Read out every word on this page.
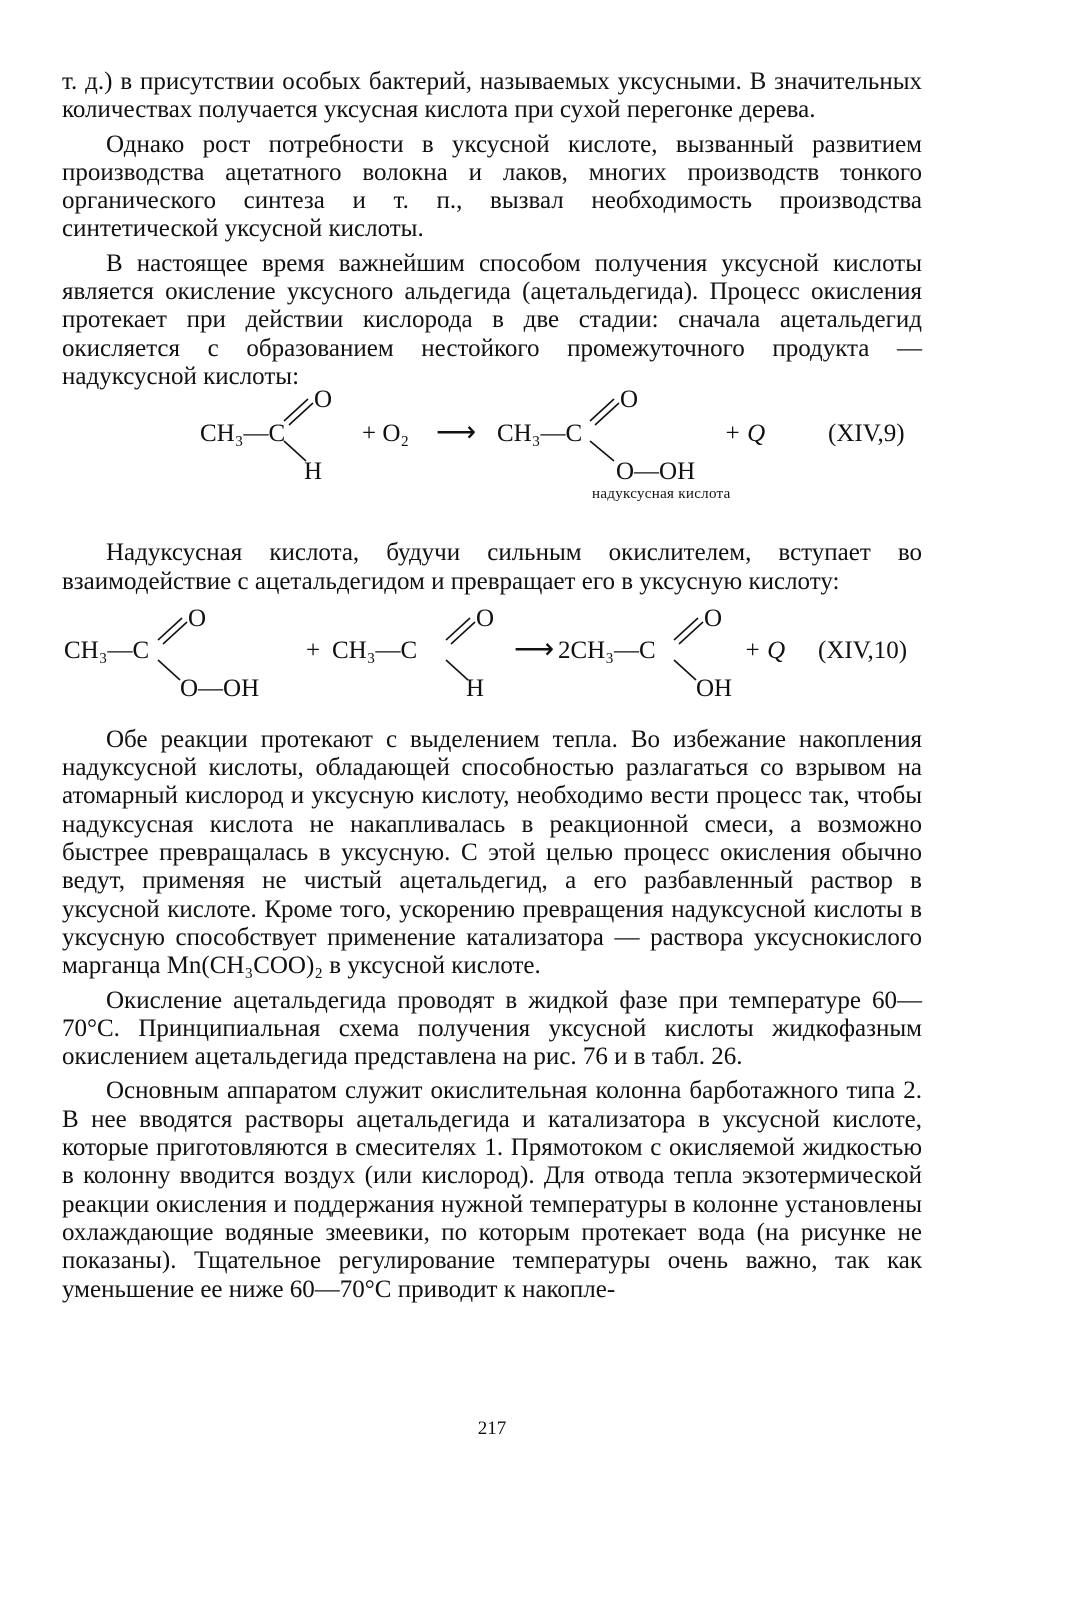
т. д.) в присутствии особых бактерий, называемых уксусными. В значительных количествах получается уксусная кислота при сухой перегонке дерева.

Однако рост потребности в уксусной кислоте, вызванный развитием производства ацетатного волокна и лаков, многих производств тонкого органического синтеза и т. п., вызвал необходимость производства синтетической уксусной кислоты.

В настоящее время важнейшим способом получения уксусной кислоты является окисление уксусного альдегида (ацетальдегида). Процесс окисления протекает при действии кислорода в две стадии: сначала ацетальдегид окисляется с образованием нестойкого промежуточного продукта —надуксусной кислоты:

O
CH₃—C
H
+ O₂ ⟶ CH₃—C
O
O—OH
+ Q	(XIV,9)
надуксусная кислота

Надуксусная кислота, будучи сильным окислителем, вступает во взаимодействие с ацетальдегидом и превращает его в уксусную кислоту:

O
CH₃—C
O—OH
+ CH₃—C
O
H
⟶ 2CH₃—C
O
OH
+ Q (XIV,10)

Обе реакции протекают с выделением тепла. Во избежание накопления надуксусной кислоты, обладающей способностью разлагаться со взрывом на атомарный кислород и уксусную кислоту, необходимо вести процесс так, чтобы надуксусная кислота не накапливалась в реакционной смеси, а возможно быстрее превращалась в уксусную. С этой целью процесс окисления обычно ведут, применяя не чистый ацетальдегид, а его разбавленный раствор в уксусной кислоте. Кроме того, ускорению превращения надуксусной кислоты в уксусную способствует применение катализатора — раствора уксуснокислого марганца Мn(CH₃COO)₂ в уксусной кислоте.

Окисление ацетальдегида проводят в жидкой фазе при температуре 60—70°С. Принципиальная схема получения уксусной кислоты жидкофазным окислением ацетальдегида представлена на рис. 76 и в табл. 26.

Основным аппаратом служит окислительная колонна барботажного типа 2. В нее вводятся растворы ацетальдегида и катализатора в уксусной кислоте, которые приготовляются в смесителях 1. Прямотоком с окисляемой жидкостью в колонну вводится воздух (или кислород). Для отвода тепла экзотермической реакции окисления и поддержания нужной температуры в колонне установлены охлаждающие водяные змеевики, по которым протекает вода (на рисунке не показаны). Тщательное регулирование температуры очень важно, так как уменьшение ее ниже 60—70°С приводит к накопле-

217
